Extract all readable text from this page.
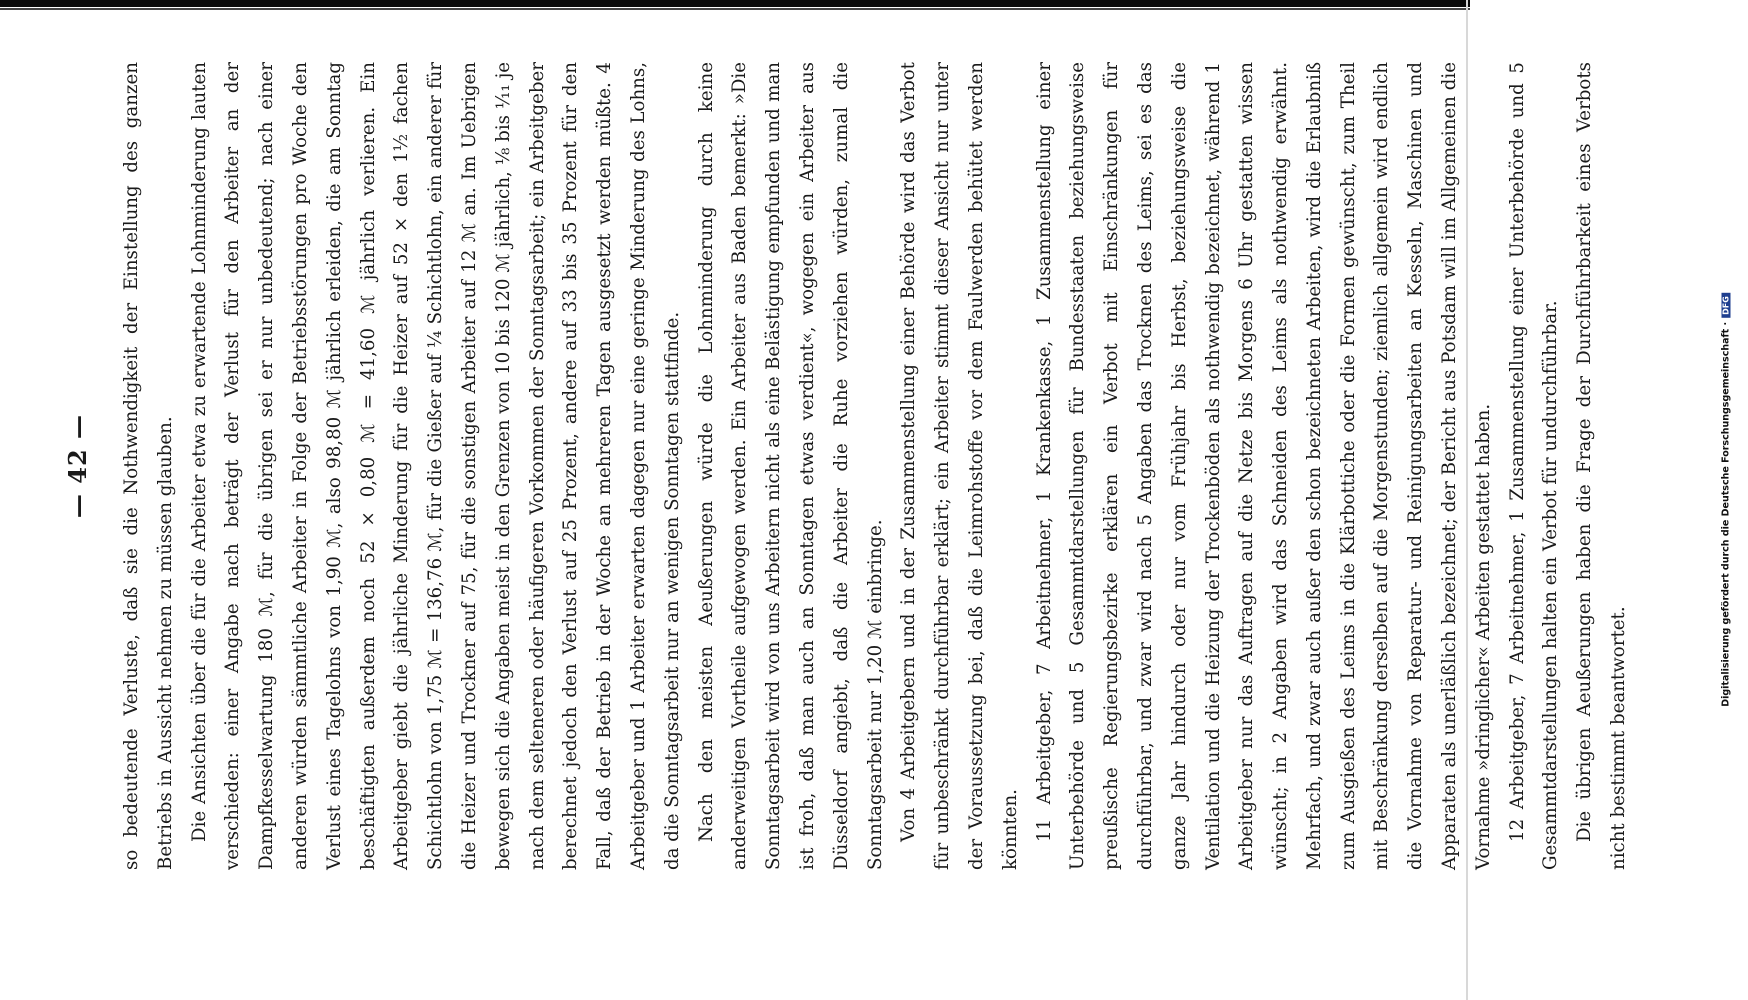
— 42 —	so bedeutende Verluste, daß sie die Nothwendigkeit der Einstellung des ganzen Betriebs in Aussicht nehmen zu müssen glauben. Die Ansichten über die für die Arbeiter etwa zu erwartende Lohnminderung lauten verschieden: einer Angabe nach beträgt der Verlust für den Arbeiter an der Dampfkesselwartung 180 ℳ, für die übrigen sei er nur unbedeutend; nach einer anderen würden sämmtliche Arbeiter in Folge der Betriebsstörungen pro Woche den Verlust eines Tagelohns von 1,90 ℳ, also 98,80 ℳ jährlich erleiden, die am Sonntag beschäftigten außerdem noch 52 × 0,80 ℳ = 41,60 ℳ jährlich verlieren. Ein Arbeitgeber giebt die jährliche Minderung für die Heizer auf 52 × den 1½ fachen Schichtlohn von 1,75 ℳ = 136,76 ℳ, für die Gießer auf ¼ Schichtlohn, ein anderer für die Heizer und Trockner auf 75, für die sonstigen Arbeiter auf 12 ℳ an. Im Uebrigen bewegen sich die Angaben meist in den Grenzen von 10 bis 120 ℳ jährlich, ⅛ bis ⅟₁₁ je nach dem selteneren oder häufigeren Vorkommen der Sonntagsarbeit; ein Arbeitgeber berechnet jedoch den Verlust auf 25 Prozent, andere auf 33 bis 35 Prozent für den Fall, daß der Betrieb in der Woche an mehreren Tagen ausgesetzt werden müßte. 4 Arbeitgeber und 1 Arbeiter erwarten dagegen nur eine geringe Minderung des Lohns, da die Sonntagsarbeit nur an wenigen Sonntagen stattfinde. Nach den meisten Aeußerungen würde die Lohnminderung durch keine anderweitigen Vortheile aufgewogen werden. Ein Arbeiter aus Baden bemerkt: »Die Sonntagsarbeit wird von uns Arbeitern nicht als eine Belästigung empfunden und man ist froh, daß man auch an Sonntagen etwas verdient«, wogegen ein Arbeiter aus Düsseldorf angiebt, daß die Arbeiter die Ruhe vorziehen würden, zumal die Sonntagsarbeit nur 1,20 ℳ einbringe. Von 4 Arbeitgebern und in der Zusammenstellung einer Behörde wird das Verbot für unbeschränkt durchführbar erklärt; ein Arbeiter stimmt dieser Ansicht nur unter der Voraussetzung bei, daß die Leimrohstoffe vor dem Faulwerden behütet werden könnten. 11 Arbeitgeber, 7 Arbeitnehmer, 1 Krankenkasse, 1 Zusammenstellung einer Unterbehörde und 5 Gesammtdarstellungen für Bundesstaaten beziehungsweise preußische Regierungsbezirke erklären ein Verbot mit Einschränkungen für durchführbar, und zwar wird nach 5 Angaben das Trocknen des Leims, sei es das ganze Jahr hindurch oder nur vom Frühjahr bis Herbst, beziehungsweise die Ventilation und die Heizung der Trockenböden als nothwendig bezeichnet, während 1 Arbeitgeber nur das Auftragen auf die Netze bis Morgens 6 Uhr gestatten wissen wünscht; in 2 Angaben wird das Schneiden des Leims als nothwendig erwähnt. Mehrfach, und zwar auch außer den schon bezeichneten Arbeiten, wird die Erlaubniß zum Ausgießen des Leims in die Klärbottiche oder die Formen gewünscht, zum Theil mit Beschränkung derselben auf die Morgenstunden; ziemlich allgemein wird endlich die Vornahme von Reparatur- und Reinigungsarbeiten an Kesseln, Maschinen und Apparaten als unerläßlich bezeichnet; der Bericht aus Potsdam will im Allgemeinen die Vornahme »dringlicher« Arbeiten gestattet haben. 12 Arbeitgeber, 7 Arbeitnehmer, 1 Zusammenstellung einer Unterbehörde und 5 Gesammtdarstellungen halten ein Verbot für undurchführbar. Die übrigen Aeußerungen haben die Frage der Durchführbarkeit eines Verbots nicht bestimmt beantwortet.

Digitalisierung gefördert durch die Deutsche Forschungsgemeinschaft ·DFG
